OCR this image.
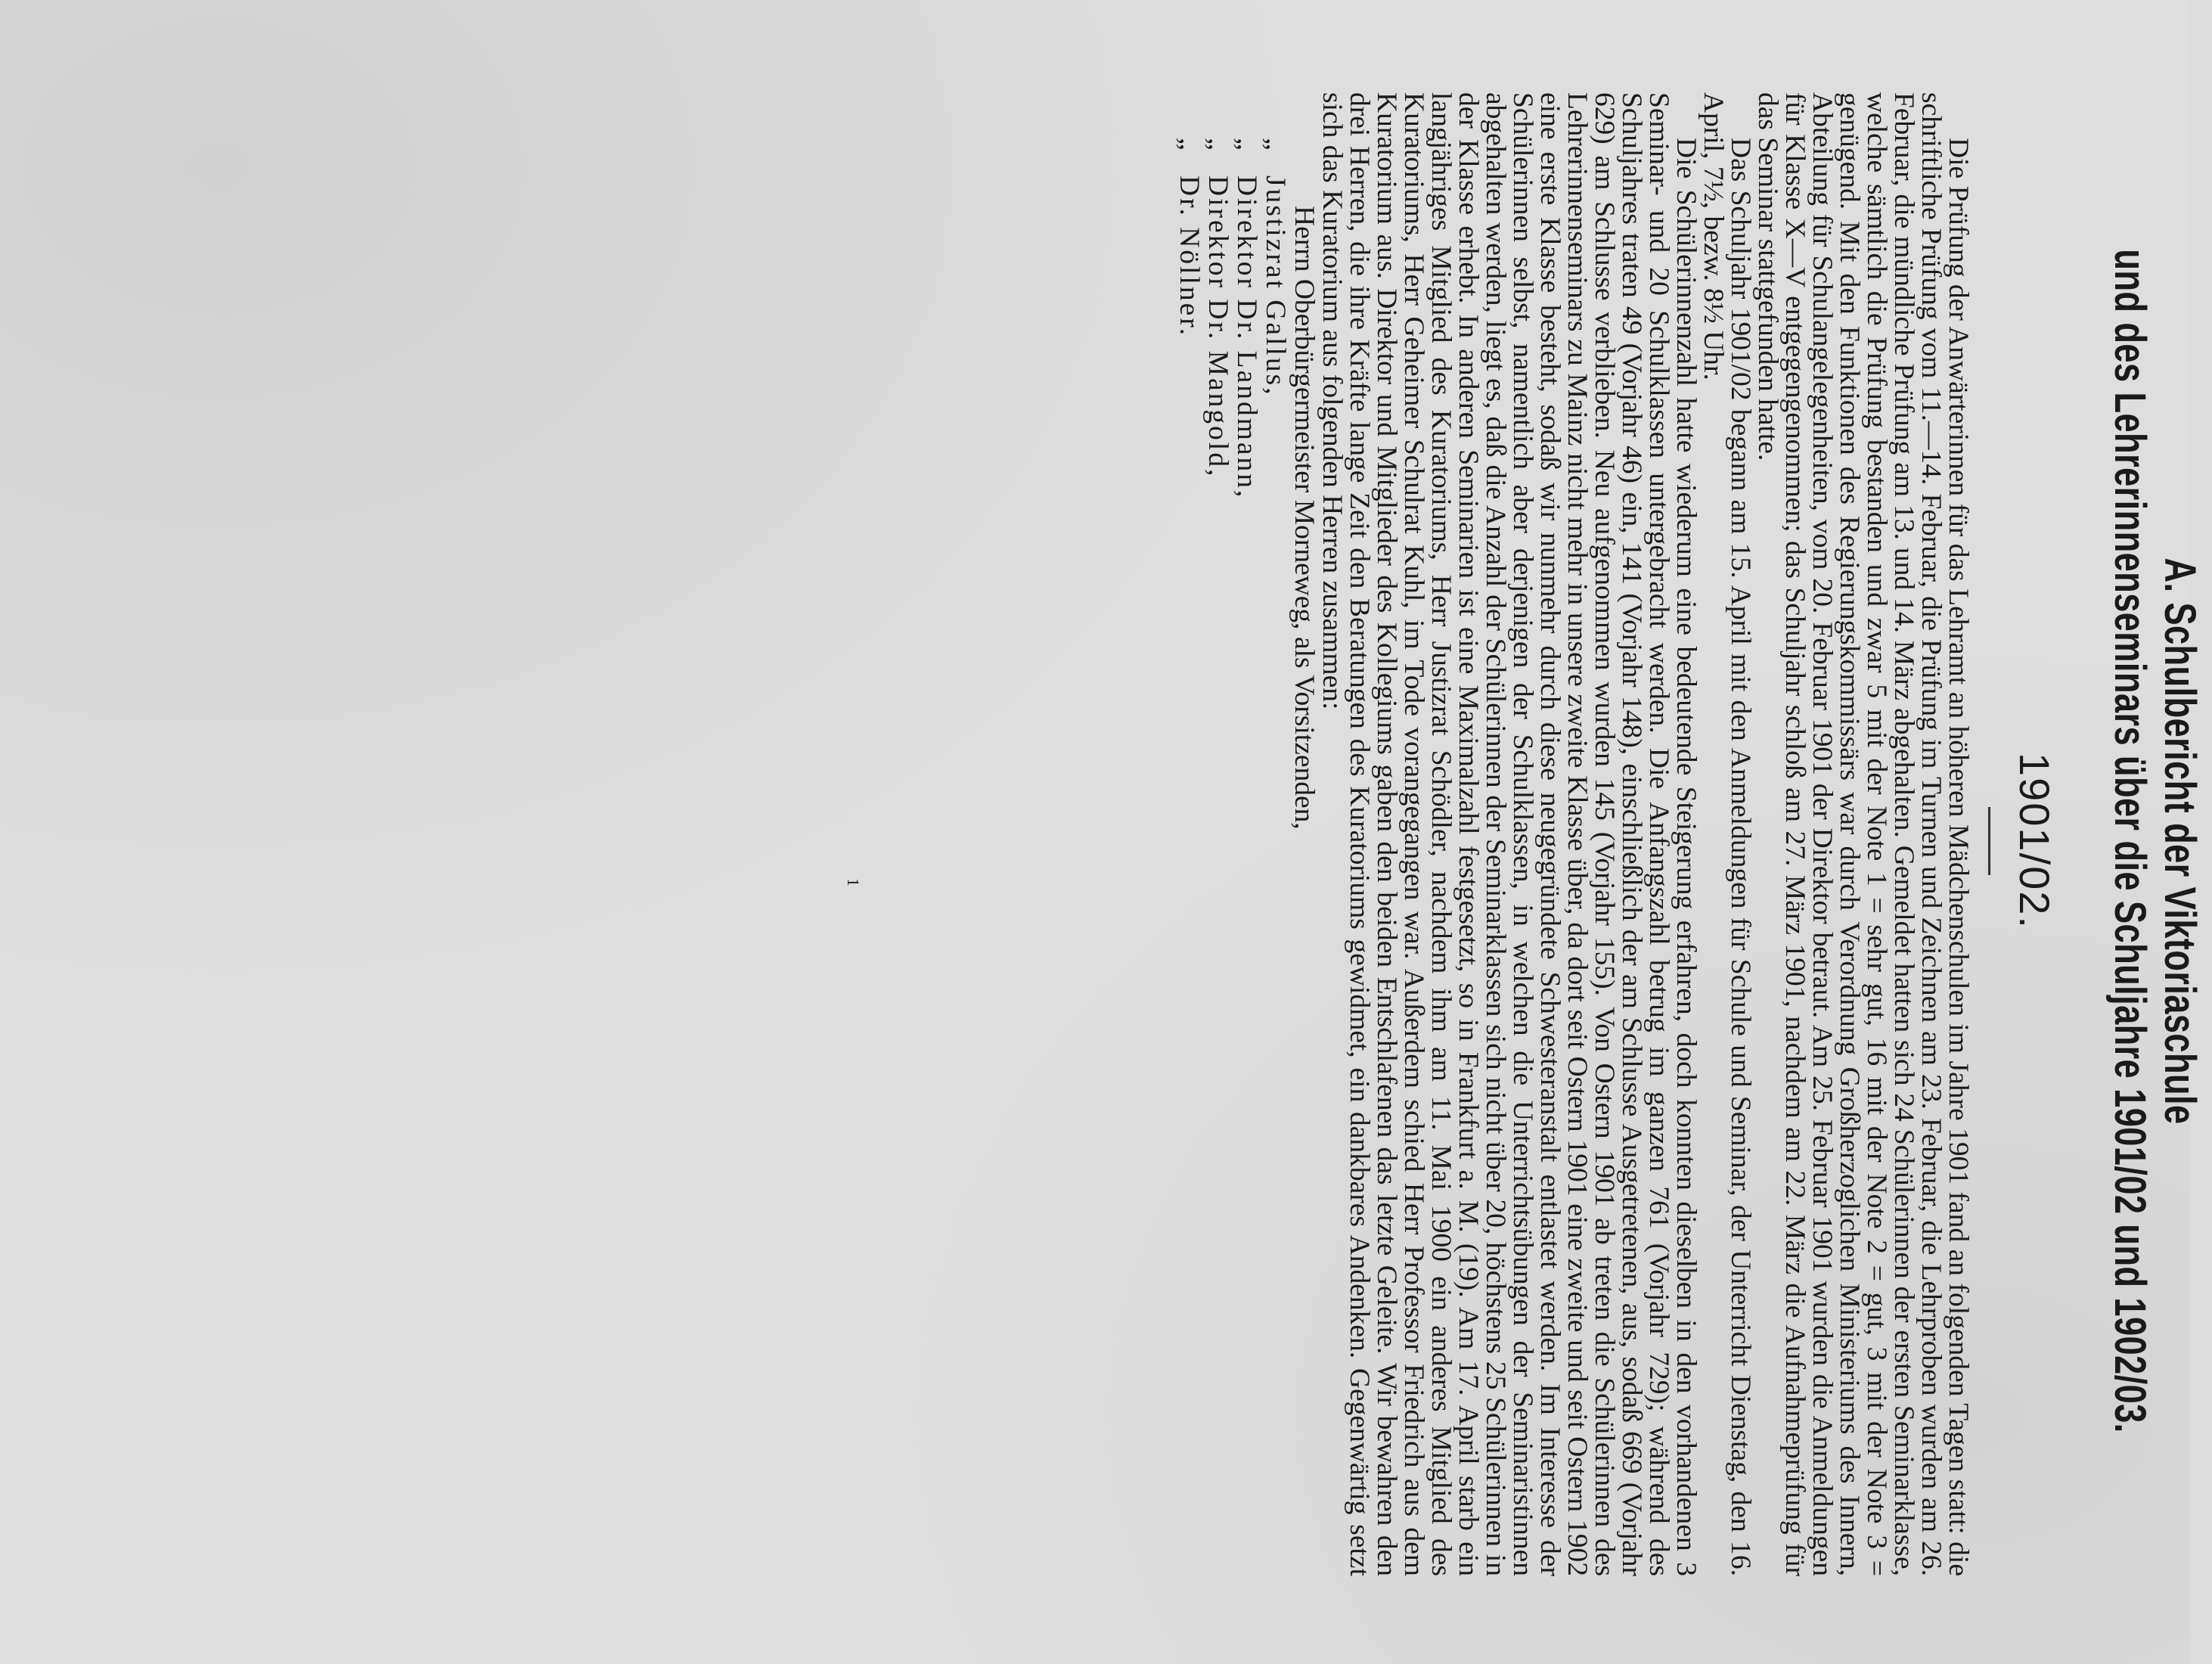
A. Schulbericht der Viktoriaschule
und des Lehrerinnenseminars über die Schuljahre 1901/02 und 1902/03.
1901/02.

Die Prüfung der Anwärterinnen für das Lehramt an höheren Mädchenschulen im Jahre 1901 fand an folgenden Tagen statt: die schriftliche Prüfung vom 11.—14. Februar, die Prüfung im Turnen und Zeichnen am 23. Februar, die Lehrproben wurden am 26. Februar, die mündliche Prüfung am 13. und 14. März abgehalten. Gemeldet hatten sich 24 Schülerinnen der ersten Seminarklasse, welche sämtlich die Prüfung bestanden und zwar 5 mit der Note 1 = sehr gut, 16 mit der Note 2 = gut, 3 mit der Note 3 = genügend. Mit den Funktionen des Regierungskommissärs war durch Verordnung Großherzoglichen Ministeriums des Innern, Abteilung für Schulangelegenheiten, vom 20. Februar 1901 der Direktor betraut. Am 25. Februar 1901 wurden die Anmeldungen für Klasse X—V entgegengenommen; das Schuljahr schloß am 27. März 1901, nachdem am 22. März die Aufnahmeprüfung für das Seminar stattgefunden hatte.

Das Schuljahr 1901/02 begann am 15. April mit den Anmeldungen für Schule und Seminar, der Unterricht Dienstag, den 16. April, 7½, bezw. 8½ Uhr.

Die Schülerinnenzahl hatte wiederum eine bedeutende Steigerung erfahren, doch konnten dieselben in den vorhandenen 3 Seminar- und 20 Schulklassen untergebracht werden. Die Anfangszahl betrug im ganzen 761 (Vorjahr 729); während des Schuljahres traten 49 (Vorjahr 46) ein, 141 (Vorjahr 148), einschließlich der am Schlusse Ausgetretenen, aus, sodaß 669 (Vorjahr 629) am Schlusse verblieben. Neu aufgenommen wurden 145 (Vorjahr 155). Von Ostern 1901 ab treten die Schülerinnen des Lehrerinnenseminars zu Mainz nicht mehr in unsere zweite Klasse über, da dort seit Ostern 1901 eine zweite und seit Ostern 1902 eine erste Klasse besteht, sodaß wir nunmehr durch diese neugegründete Schwesteranstalt entlastet werden. Im Interesse der Schülerinnen selbst, namentlich aber derjenigen der Schulklassen, in welchen die Unterrichtsübungen der Seminaristinnen abgehalten werden, liegt es, daß die Anzahl der Schülerinnen der Seminarklassen sich nicht über 20, höchstens 25 Schülerinnen in der Klasse erhebt. In anderen Seminarien ist eine Maximalzahl festgesetzt, so in Frankfurt a. M. (19). Am 17. April starb ein langjähriges Mitglied des Kuratoriums, Herr Justizrat Schödler, nachdem ihm am 11. Mai 1900 ein anderes Mitglied des Kuratoriums, Herr Geheimer Schulrat Kuhl, im Tode vorangegangen war. Außerdem schied Herr Professor Friedrich aus dem Kuratorium aus. Direktor und Mitglieder des Kollegiums gaben den beiden Entschlafenen das letzte Geleite. Wir bewahren den drei Herren, die ihre Kräfte lange Zeit den Beratungen des Kuratoriums gewidmet, ein dankbares Andenken. Gegenwärtig setzt sich das Kuratorium aus folgenden Herren zusammen:

Herrn Oberbürgermeister Morneweg, als Vorsitzenden,
„
Justizrat Gallus,
„
Direktor Dr. Landmann,
„
Direktor Dr. Mangold,
„
Dr. Nöllner.
1
